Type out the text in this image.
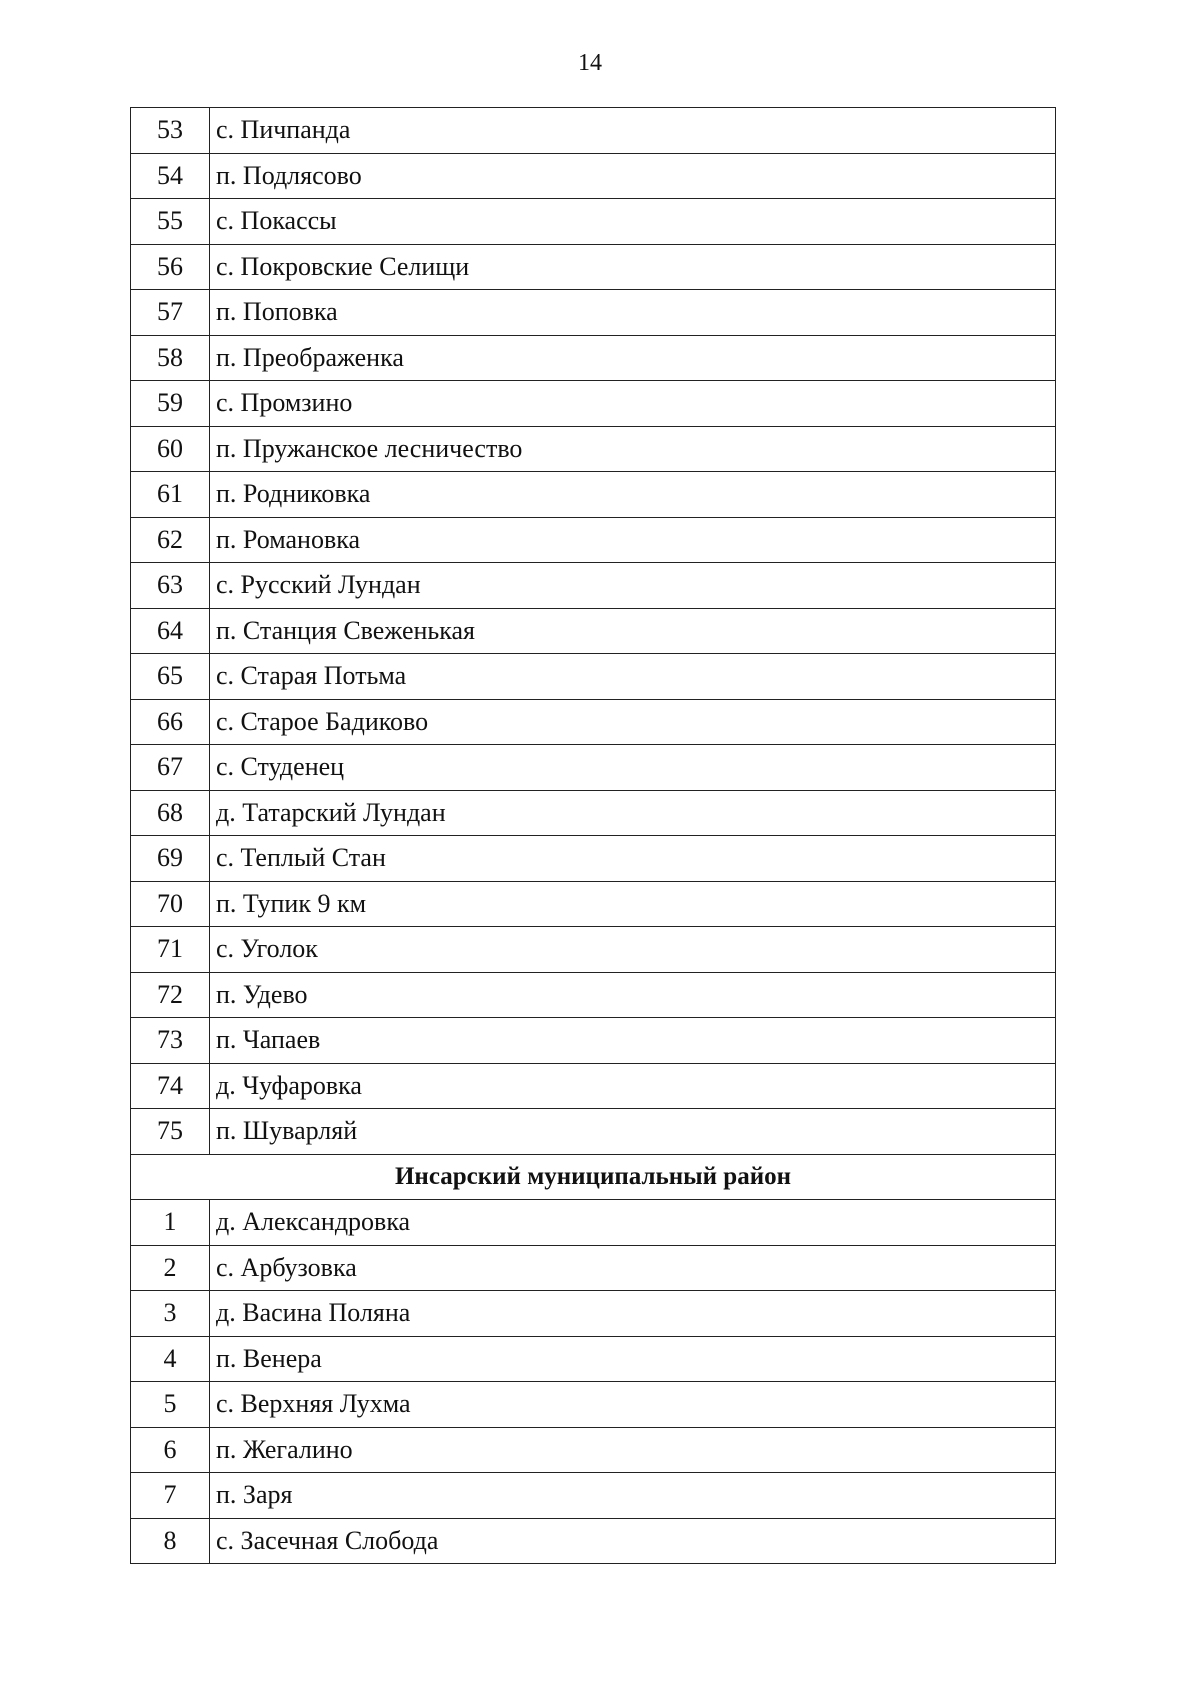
14
53	с. Пичпанда
54	п. Подлясово
55	с. Покассы
56	с. Покровские Селищи
57	п. Поповка
58	п. Преображенка
59	с. Промзино
60	п. Пружанское лесничество
61	п. Родниковка
62	п. Романовка
63	с. Русский Лундан
64	п. Станция Свеженькая
65	с. Старая Потьма
66	с. Старое Бадиково
67	с. Студенец
68	д. Татарский Лундан
69	с. Теплый Стан
70	п. Тупик 9 км
71	с. Уголок
72	п. Удево
73	п. Чапаев
74	д. Чуфаровка
75	п. Шуварляй
Инсарский муниципальный район	
1	д. Александровка
2	с. Арбузовка
3	д. Васина Поляна
4	п. Венера
5	с. Верхняя Лухма
6	п. Жегалино
7	п. Заря
8	с. Засечная Слобода
